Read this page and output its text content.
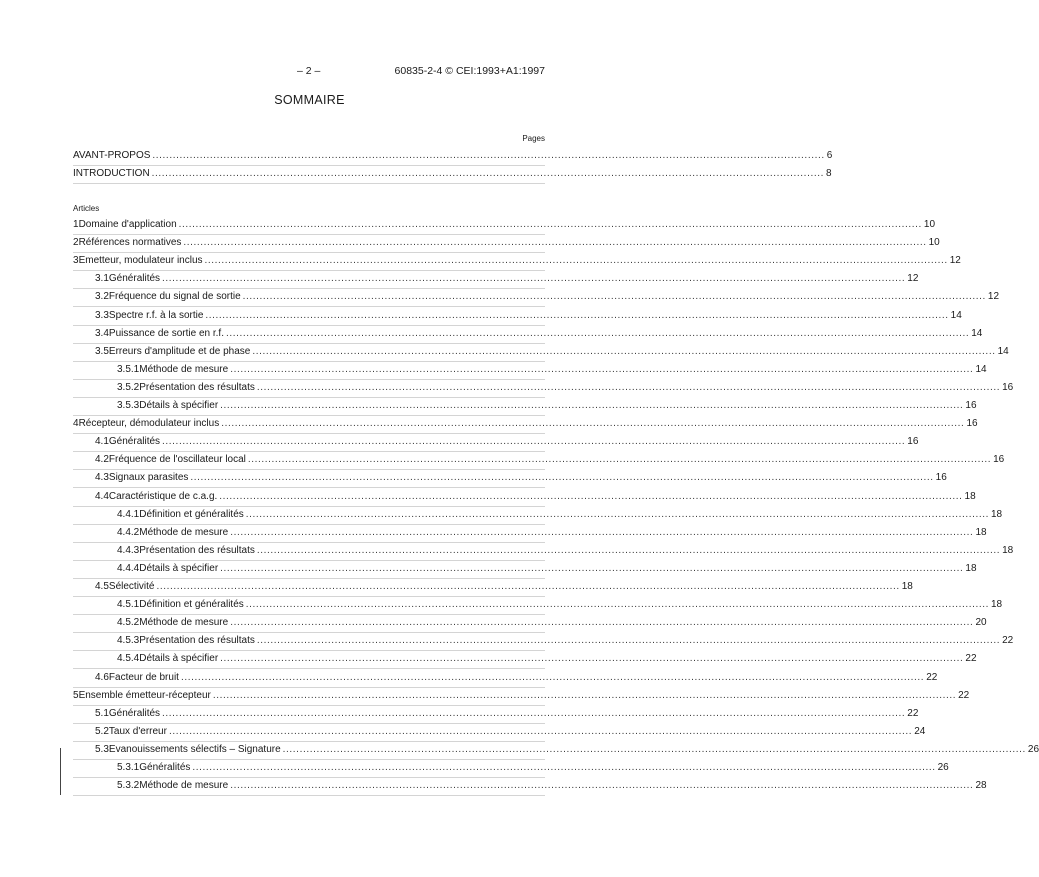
– 2 –	60835-2-4 © CEI:1993+A1:1997
SOMMAIRE
Pages
Articles
AVANT-PROPOS ....................................................................................................................................................................................................... 6
INTRODUCTION ....................................................................................................................................................................................................... 8
1 Domaine d'application ............................................................................................................................................................................................................................ 10
2 Références normatives ............................................................................................................................................................................................................................ 10
3 Emetteur, modulateur inclus ............................................................................................................................................................................................................................ 12
3.1 Généralités ............................................................................................................................................................................................................................ 12
3.2 Fréquence du signal de sortie ............................................................................................................................................................................................................................ 12
3.3 Spectre r.f. à la sortie ............................................................................................................................................................................................................................ 14
3.4 Puissance de sortie en r.f. ............................................................................................................................................................................................................................ 14
3.5 Erreurs d'amplitude et de phase ............................................................................................................................................................................................................................ 14
3.5.1 Méthode de mesure ............................................................................................................................................................................................................................ 14
3.5.2 Présentation des résultats ............................................................................................................................................................................................................................ 16
3.5.3 Détails à spécifier ............................................................................................................................................................................................................................ 16
4 Récepteur, démodulateur inclus ............................................................................................................................................................................................................................ 16
4.1 Généralités ............................................................................................................................................................................................................................ 16
4.2 Fréquence de l'oscillateur local ............................................................................................................................................................................................................................ 16
4.3 Signaux parasites ............................................................................................................................................................................................................................ 16
4.4 Caractéristique de c.a.g. ............................................................................................................................................................................................................................ 18
4.4.1 Définition et généralités ............................................................................................................................................................................................................................ 18
4.4.2 Méthode de mesure ............................................................................................................................................................................................................................ 18
4.4.3 Présentation des résultats ............................................................................................................................................................................................................................ 18
4.4.4 Détails à spécifier ............................................................................................................................................................................................................................ 18
4.5 Sélectivité ............................................................................................................................................................................................................................ 18
4.5.1 Définition et généralités ............................................................................................................................................................................................................................ 18
4.5.2 Méthode de mesure ............................................................................................................................................................................................................................ 20
4.5.3 Présentation des résultats ............................................................................................................................................................................................................................ 22
4.5.4 Détails à spécifier ............................................................................................................................................................................................................................ 22
4.6 Facteur de bruit ............................................................................................................................................................................................................................ 22
5 Ensemble émetteur-récepteur ............................................................................................................................................................................................................................ 22
5.1 Généralités ............................................................................................................................................................................................................................ 22
5.2 Taux d'erreur ............................................................................................................................................................................................................................ 24
5.3 Evanouissements sélectifs – Signature ............................................................................................................................................................................................................................ 26
5.3.1 Généralités ............................................................................................................................................................................................................................ 26
5.3.2 Méthode de mesure ............................................................................................................................................................................................................................ 28
